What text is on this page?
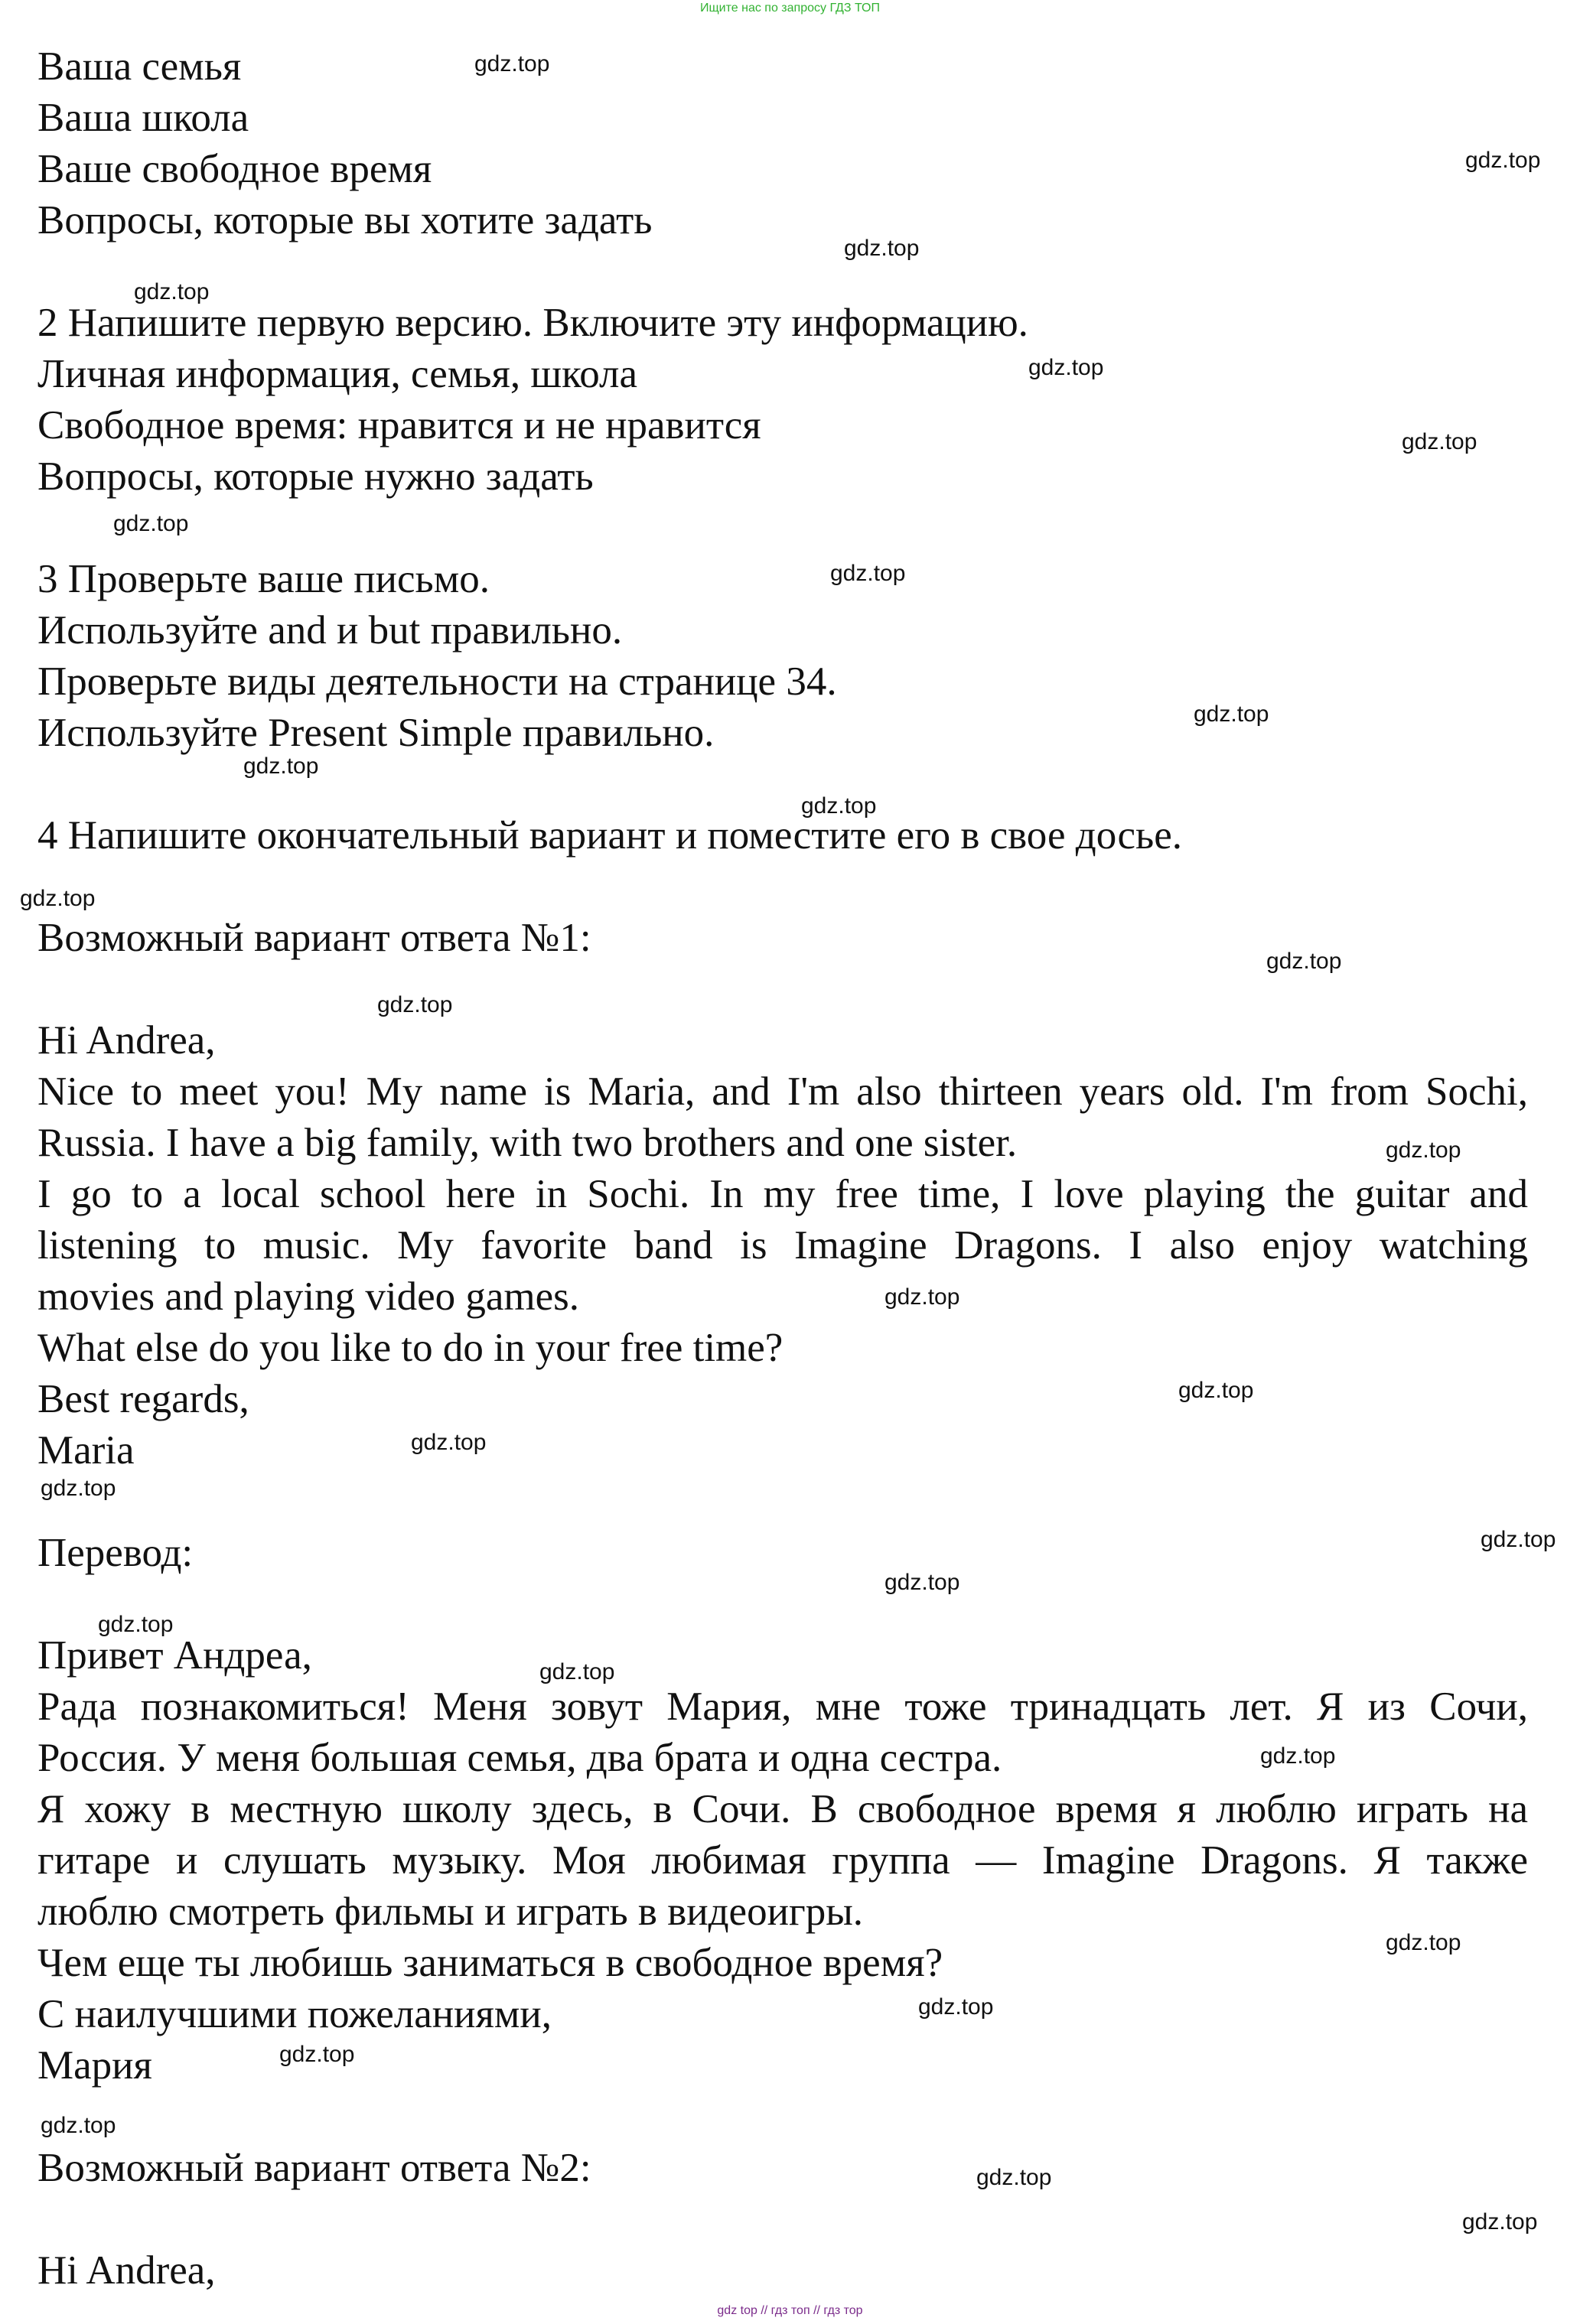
Ищите нас по запросу ГДЗ ТОП
Ваша семья
Ваша школа
Ваше свободное время
Вопросы, которые вы хотите задать
2 Напишите первую версию. Включите эту информацию.
Личная информация, семья, школа
Свободное время: нравится и не нравится
Вопросы, которые нужно задать
3 Проверьте ваше письмо.
Используйте and и but правильно.
Проверьте виды деятельности на странице 34.
Используйте Present Simple правильно.
4 Напишите окончательный вариант и поместите его в свое досье.
Возможный вариант ответа №1:
Hi Andrea,
Nice to meet you! My name is Maria, and I'm also thirteen years old. I'm from Sochi,
Russia. I have a big family, with two brothers and one sister.
I go to a local school here in Sochi. In my free time, I love playing the guitar and
listening to music. My favorite band is Imagine Dragons. I also enjoy watching
movies and playing video games.
What else do you like to do in your free time?
Best regards,
Maria
Перевод:
Привет Андреа,
Рада познакомиться! Меня зовут Мария, мне тоже тринадцать лет. Я из Сочи,
Россия. У меня большая семья, два брата и одна сестра.
Я хожу в местную школу здесь, в Сочи. В свободное время я люблю играть на
гитаре и слушать музыку. Моя любимая группа — Imagine Dragons. Я также
люблю смотреть фильмы и играть в видеоигры.
Чем еще ты любишь заниматься в свободное время?
С наилучшими пожеланиями,
Мария
Возможный вариант ответа №2:
Hi Andrea,
gdz.top
gdz.top
gdz.top
gdz.top
gdz.top
gdz.top
gdz.top
gdz.top
gdz.top
gdz.top
gdz.top
gdz.top
gdz.top
gdz.top
gdz.top
gdz.top
gdz.top
gdz.top
gdz.top
gdz.top
gdz.top
gdz.top
gdz.top
gdz.top
gdz.top
gdz.top
gdz.top
gdz.top
gdz.top
gdz.top
gdz top // гдз топ // гдз тор
